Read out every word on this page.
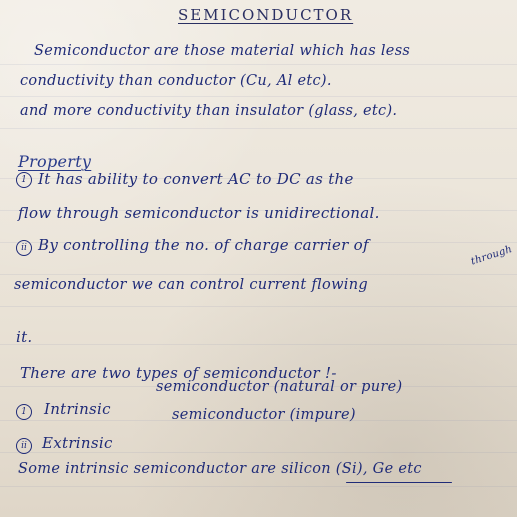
SEMICONDUCTOR
Semiconductor are those material which has less
conductivity than conductor (Cu, Al etc).
and more conductivity than insulator (glass, etc).
Property
1 It has ability to convert AC to DC as the
flow through semiconductor is unidirectional.
ii By controlling the no. of charge carrier of
semiconductor we can control current flowing
through
it.
There are two types of semiconductor !-
1	Intrinsic
semiconductor (natural or pure)
ii	Extrinsic
semiconductor (impure)
Some intrinsic semiconductor are silicon (Si), Ge etc
